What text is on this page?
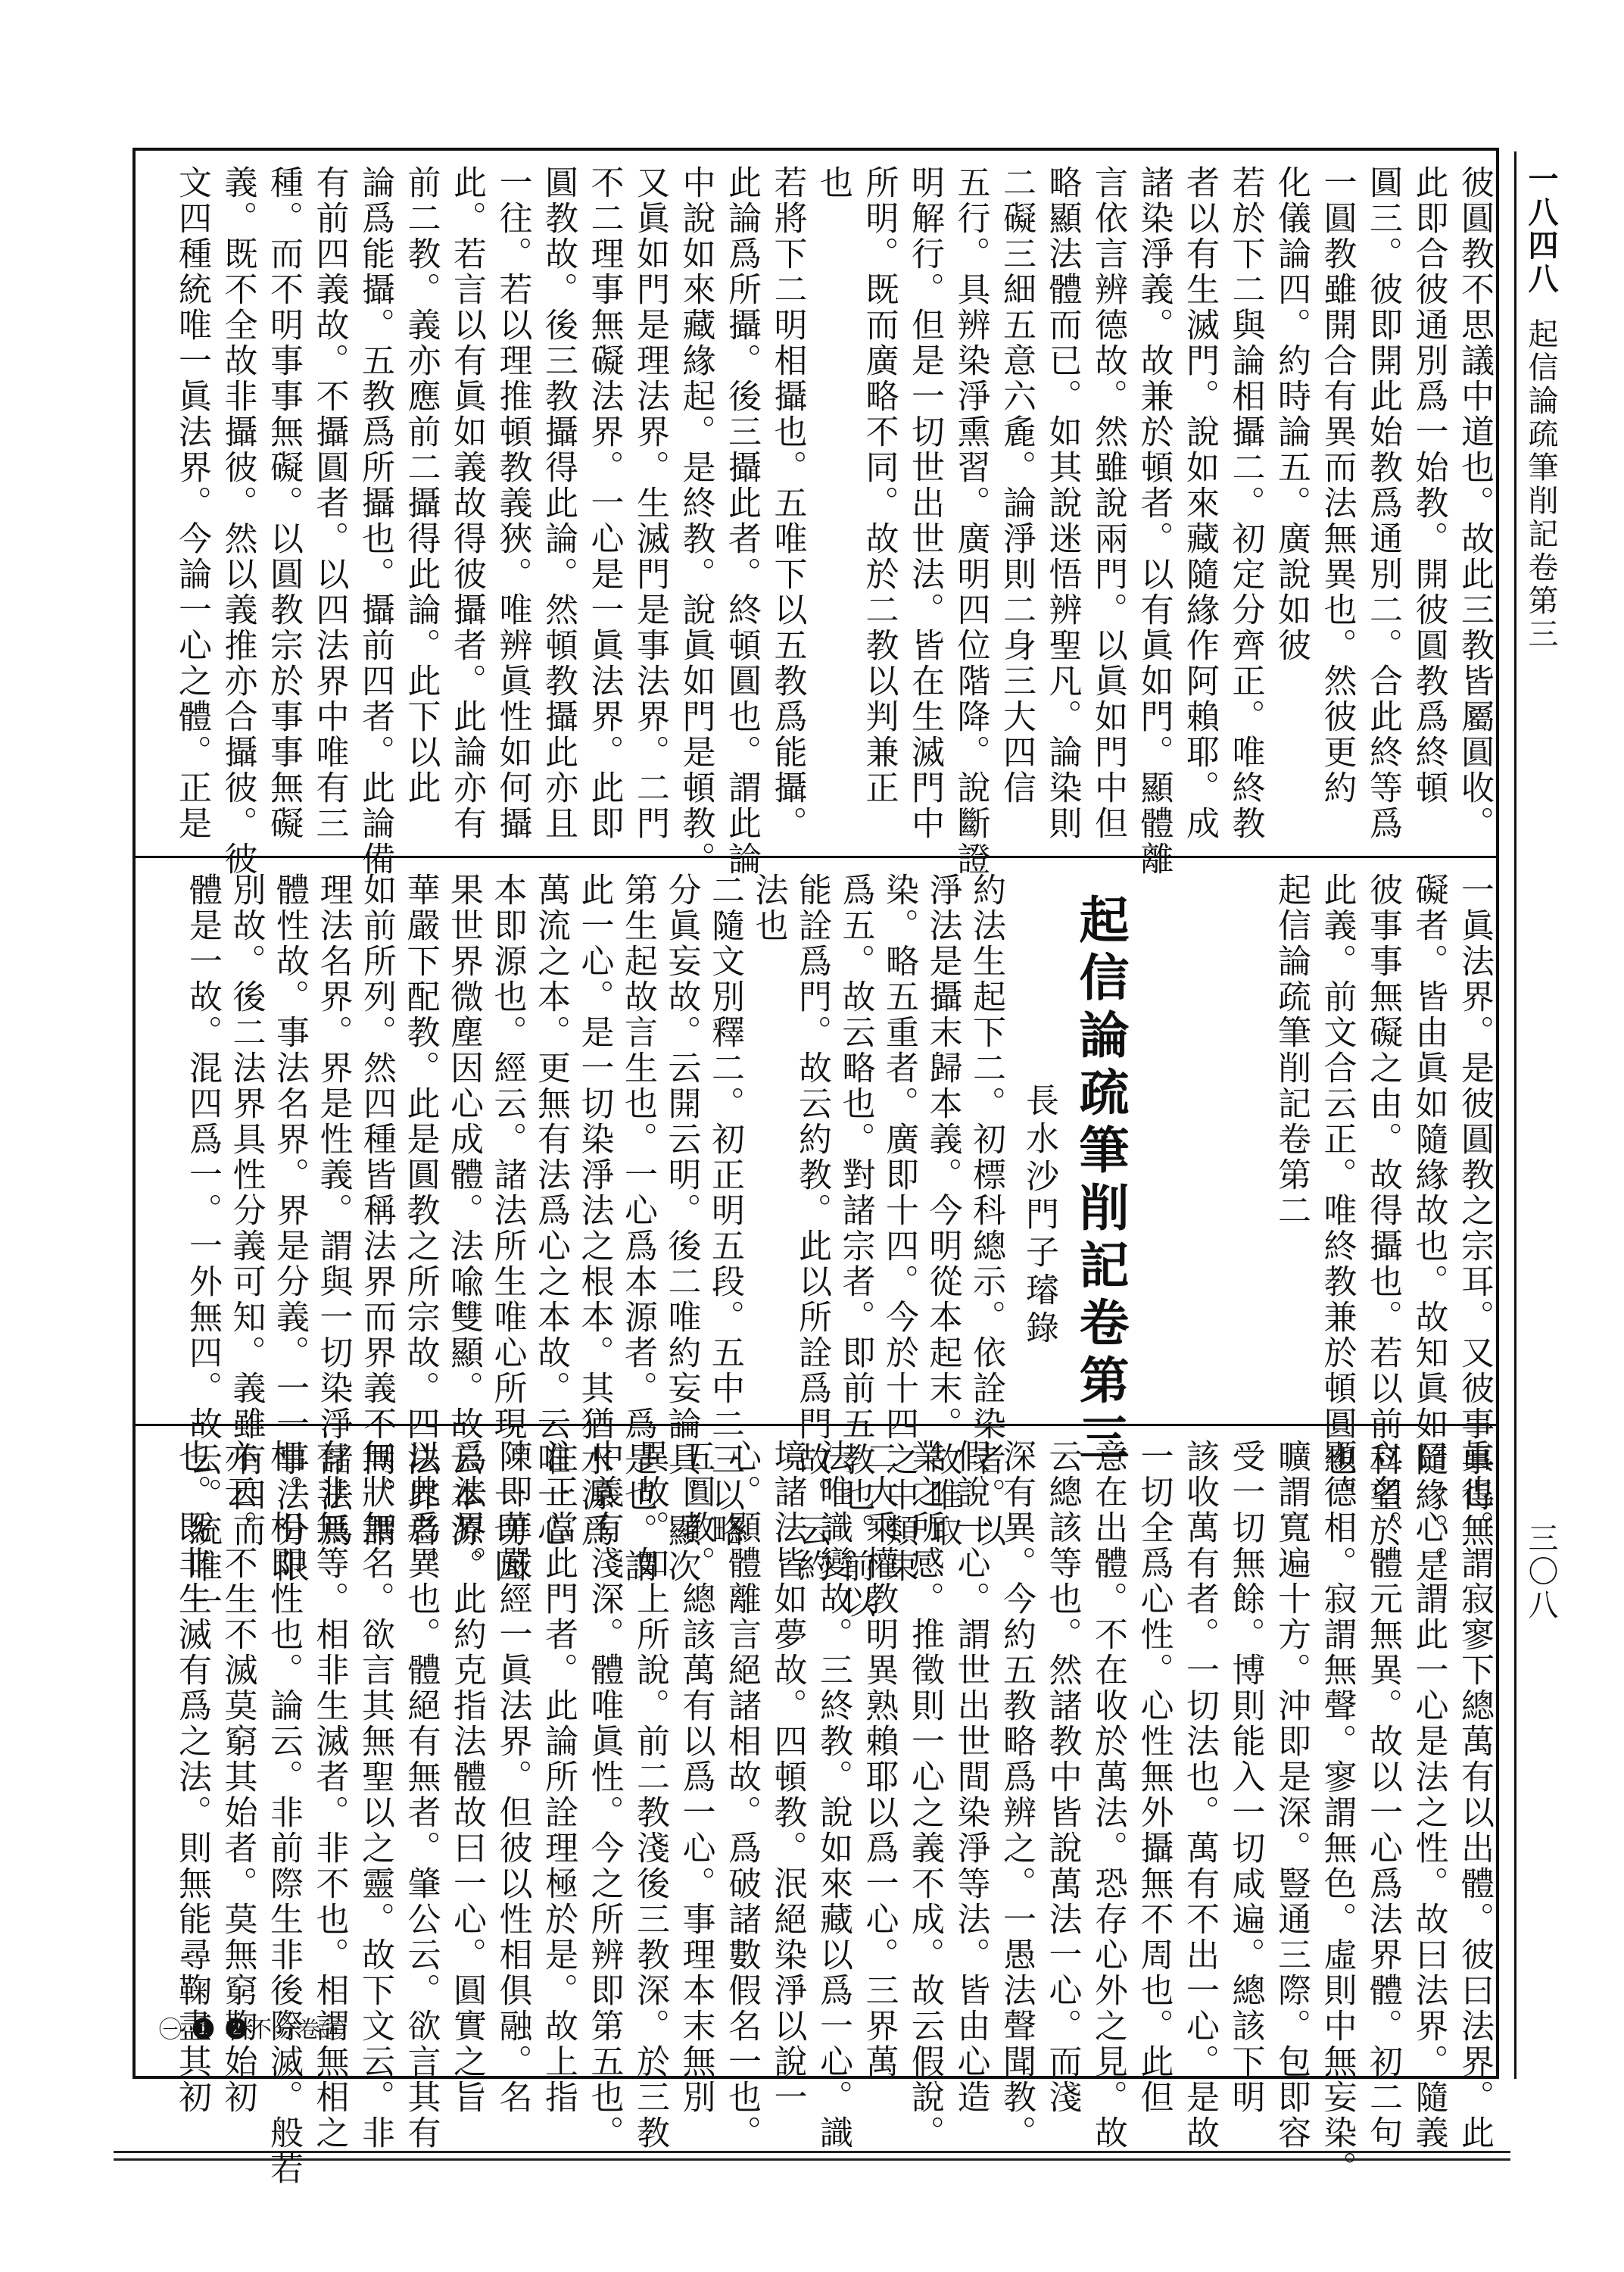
一八四八
起信論疏筆削記卷第三
三〇八
彼圓教不思議中道也。故此三教皆屬圓收。
此即合彼通別爲一始教。開彼圓教爲終頓
圓三。彼即開此始教爲通別二。合此終等爲
一圓教雖開合有異而法無異也。然彼更約
化儀論四。約時論五。廣說如彼
若於下二與論相攝二。初定分齊正。唯終教
者以有生滅門。說如來藏隨緣作阿賴耶。成
諸染淨義。故兼於頓者。以有眞如門。顯體離
言依言辨德故。然雖說兩門。以眞如門中但
略顯法體而已。如其說迷悟辨聖凡。論染則
二礙三細五意六麁。論淨則二身三大四信
五行。具辨染淨熏習。廣明四位階降。說斷證
明解行。但是一切世出世法。皆在生滅門中
所明。既而廣略不同。故於二教以判兼正
也
若將下二明相攝也。五唯下以五教爲能攝。
此論爲所攝。後三攝此者。終頓圓也。謂此論
中說如來藏緣起。是終教。說眞如門是頓教。
又眞如門是理法界。生滅門是事法界。二門
不二理事無礙法界。一心是一眞法界。此即
圓教故。後三教攝得此論。然頓教攝此亦且
一往。若以理推頓教義狹。唯辨眞性如何攝
此。若言以有眞如義故得彼攝者。此論亦有
前二教。義亦應前二攝得此論。此下以此
論爲能攝。五教爲所攝也。攝前四者。此論備
有前四義故。不攝圓者。以四法界中唯有三
種。而不明事事無礙。以圓教宗於事事無礙
義。既不全故非攝彼。然以義推亦合攝彼。彼
文四種統唯一眞法界。今論一心之體。正是
一眞法界。是彼圓教之宗耳。又彼事事得無
礙者。皆由眞如隨緣故也。故知眞如隨緣。是
彼事事無礙之由。故得攝也。若以前科望於
此義。前文合云正。唯終教兼於頓圓也。
起信論疏筆削記卷第二
起信論疏筆削記卷第三
長水沙門子璿錄
約法生起下二。初標科總示。依詮染者。以
淨法是攝末歸本義。今明從本起末。故唯取
染。略五重者。廣即十四。今於十四之中類束
爲五。故云略也。對諸宗者。即前五教也。前以
能詮爲門。故云約教。此以所詮爲門故。云約
法也
二隨文別釋二。初正明五段。五中二三以略
分眞妄故。云開云明。後二唯約妄論具。顯次
第生起故言生也。一心爲本源者。爲是也。謂
此一心。是一切染淨法之根本。其猶水源爲
萬流之本。更無有法爲心之本故。云唯一心
本即源也。經云。諸法所生唯心所現。一切因
果世界微塵因心成體。法喩雙顯。故云本源。
華嚴下配教。此是圓教之所宗故。四法界者。
如前所列。然四種皆稱法界而界義不同。謂
理法名界。界是性義。謂與一切染淨諸法爲
體性故。事法名界。界是分義。一一事法分限
別故。後二法界具性分義可知。義雖有四而
體是一故。混四爲一。一外無四。故云。統唯一
眞也。謂寂寥下總萬有以出體。彼曰法界。此
曰一心。謂此一心是法之性。故曰法界。隨義
立名。體元無異。故以一心爲法界體。初二句
顯德相。寂謂無聲。寥謂無色。虛則中無妄染。
曠謂寬遍十方。沖即是深。豎通三際。包即容
受一切無餘。博則能入一切咸遍。總該下明
該收萬有者。一切法也。萬有不出一心。是故
一切全爲心性。心性無外攝無不周也。此但
意在出體。不在收於萬法。恐存心外之見。故
云總該等也。然諸教中皆說萬法一心。而淺
深有異。今約五教略爲辨之。一愚法聲聞教。
假說一心。謂世出世間染淨等法。皆由心造
業之所感。推徵則一心之義不成。故云假說。
二大乘權教明異熟賴耶以爲一心。三界萬
法唯識變故。三終教。說如來藏以爲一心。識
境諸法皆如夢故。四頓教。泯絕染淨以說一
心。顯體離言絕諸相故。爲破諸數假名一也。
五圓教。總該萬有以爲一心。事理本末無別
異故。如上所說。前二教淺後三教深。於三教
中義有淺深。體唯眞性。今之所辨即第五也。
注正當此門者。此論所詮理極於是。故上指
陳即華嚴經一眞法界。但彼以性相俱融。名
爲法界。此約克指法體故曰一心。圓實之旨
以此爲異也。體絕有無者。肇公云。欲言其有
無狀無名。欲言其無聖以之靈。故下文云。非
有非無等。相非生滅者。非不也。相謂無相之
相。相即性也。論云。非前際生非後際滅。般若
亦云。不生不滅莫窮其始者。莫無窮鞠始初
也。既非生滅有爲之法。則無能尋鞠盡其初
㊀ ❶ ❷不分卷㊄
